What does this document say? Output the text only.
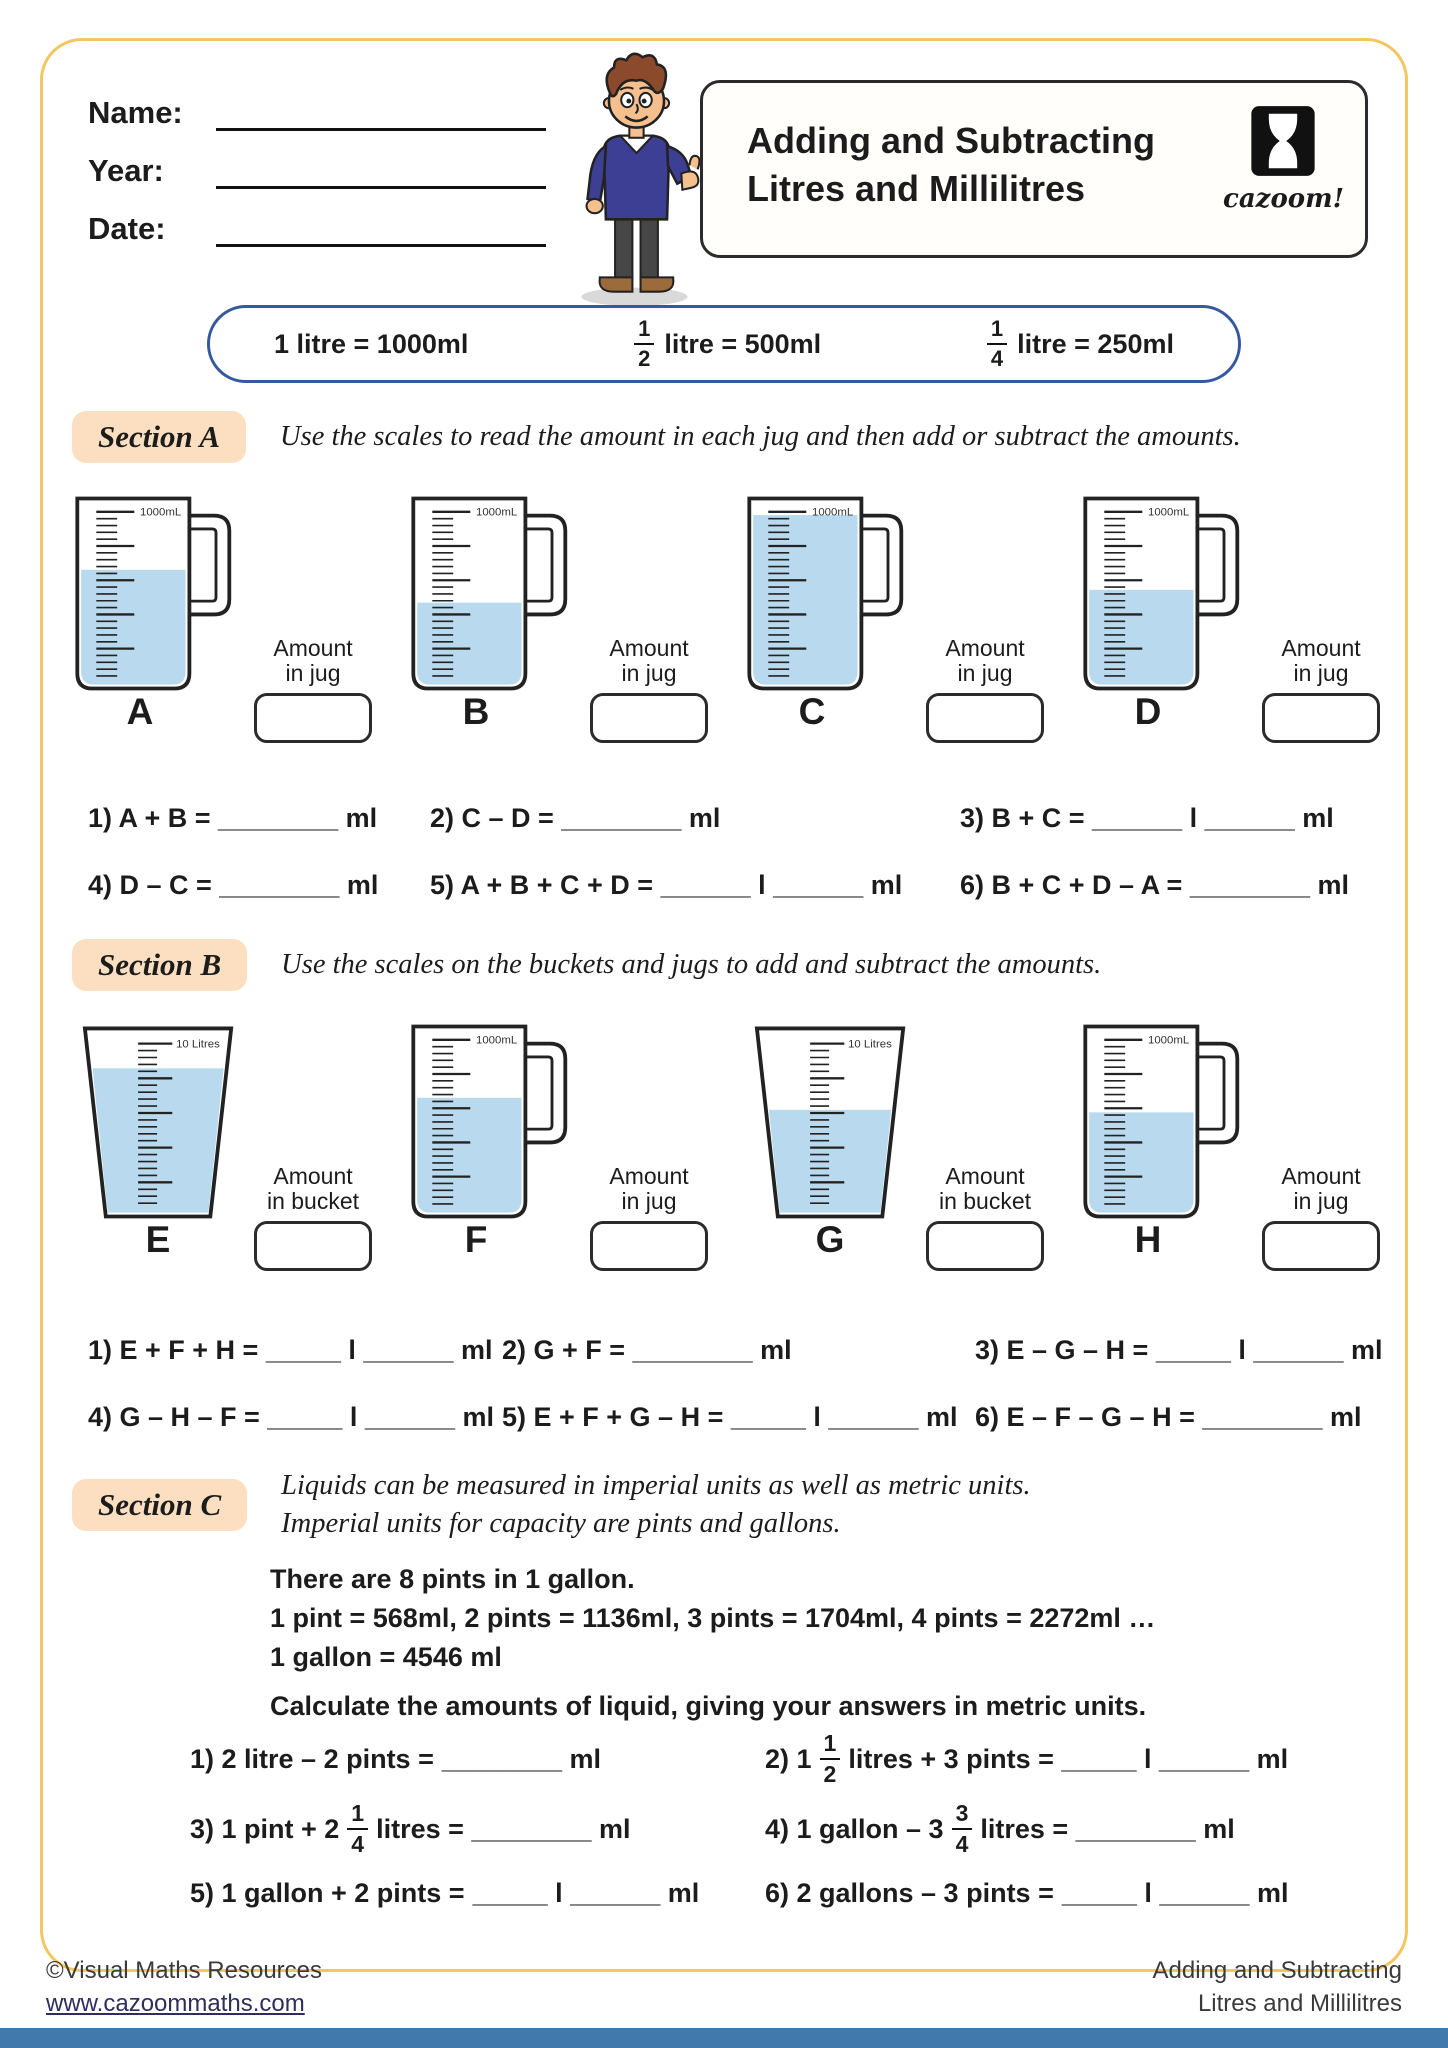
Name:
Year:
Date:
Adding and Subtracting
Litres and Millilitres	cazoom!
1 litre = 1000ml	$\frac{1}{2}$ litre = 500ml	$\frac{1}{4}$ litre = 250ml
Section A	Use the scales to read the amount in each jug and then add or subtract the amounts.
1000mL
A
Amount
in jug
1000mL
B
Amount
in jug
1000mL
C
Amount
in jug
1000mL
D
Amount
in jug
1) A + B = ________ ml	2) C – D = ________ ml	3) B + C = ______ l ______ ml
4) D – C = ________ ml	5) A + B + C + D = ______ l ______ ml	6) B + C + D – A = ________ ml
Section B	Use the scales on the buckets and jugs to add and subtract the amounts.
10 Litres
E
Amount
in bucket
1000mL
F
Amount
in jug
10 Litres
G
Amount
in bucket
1000mL
H
Amount
in jug
1) E + F + H = _____ l ______ ml 2) G + F = ________ ml	3) E – G – H = _____ l ______ ml
4) G – H – F = _____ l ______ ml 5) E + F + G – H = _____ l ______ ml 6) E – F – G – H = ________ ml
Section C
Liquids can be measured in imperial units as well as metric units.
Imperial units for capacity are pints and gallons.
There are 8 pints in 1 gallon.
1 pint = 568ml, 2 pints = 1136ml, 3 pints = 1704ml, 4 pints = 2272ml …
1 gallon = 4546 ml
Calculate the amounts of liquid, giving your answers in metric units.
1) 2 litre – 2 pints = ________ ml	2) $1 \frac{1}{2}$ litres + 3 pints = _____ l ______ ml
3) 1 pint + $2 \frac{1}{4}$ litres = ________ ml	4) 1 gallon – $3 \frac{3}{4}$ litres = ________ ml
5) 1 gallon + 2 pints = _____ l ______ ml 6) 2 gallons – 3 pints = _____ l ______ ml
©Visual Maths Resources
www.cazoommaths.com
Adding and Subtracting
Litres and Millilitres
